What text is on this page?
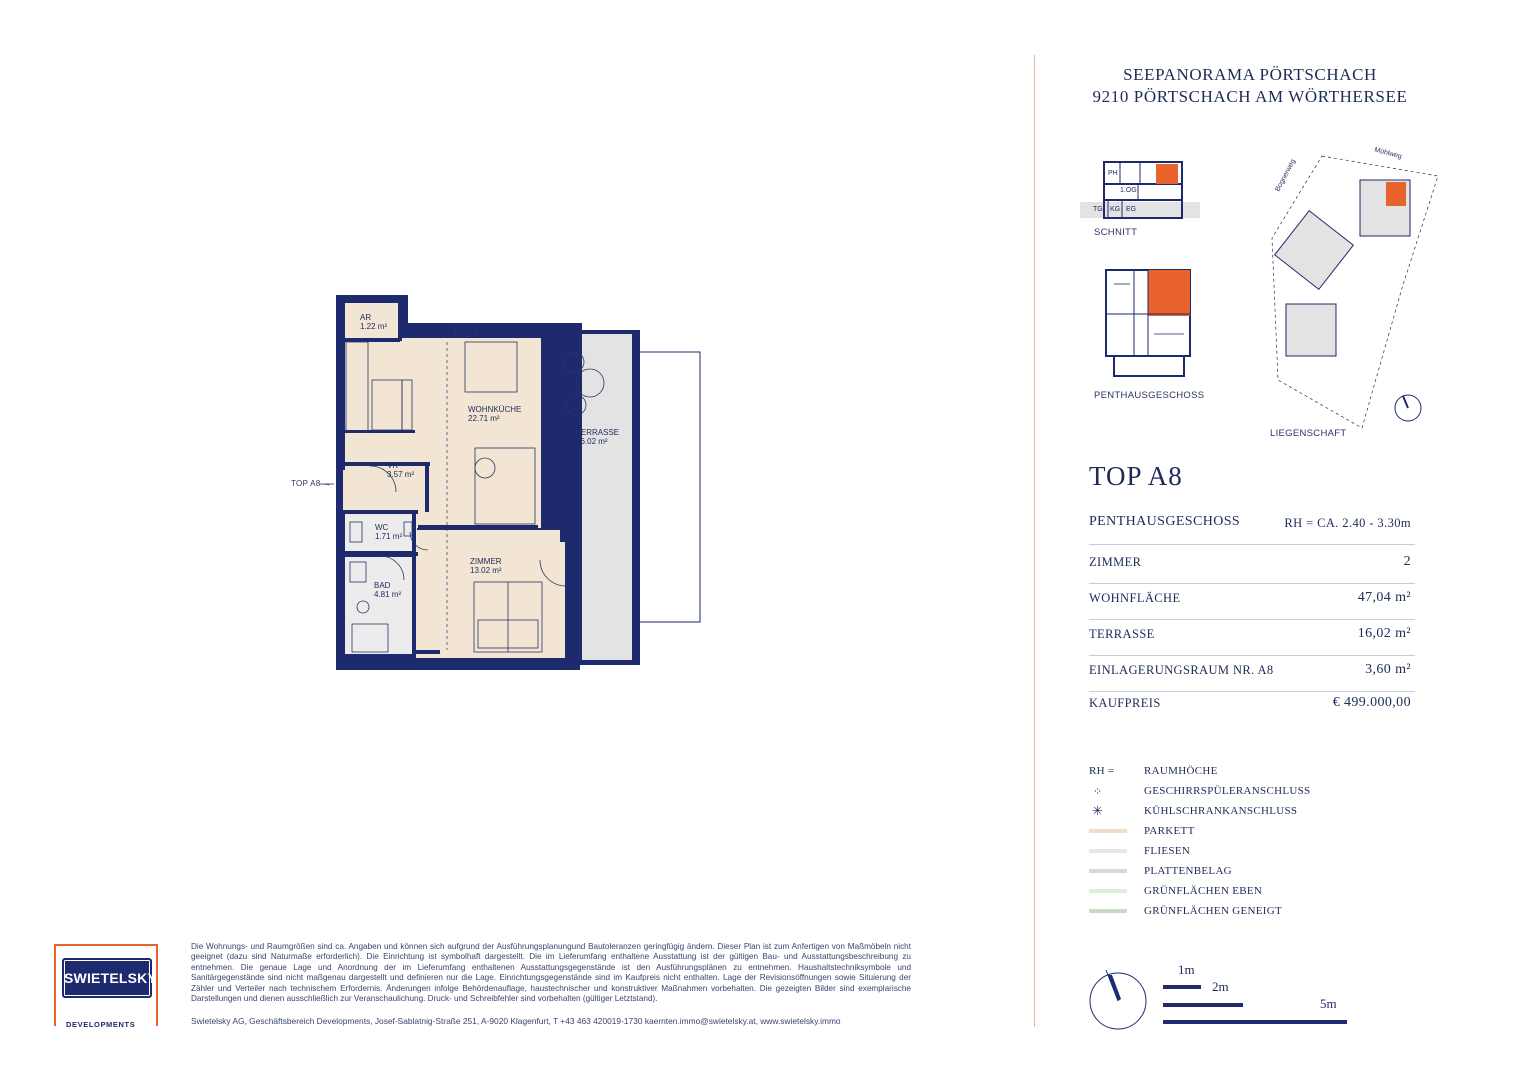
TOP A8 →
AR
1.22 m²
WOHNKÜCHE
22.71 m²
TERRASSE
16.02 m²
VR
3.57 m²
WC
1.71 m²
ZIMMER
13.02 m²
BAD
4.81 m²
SEEPANORAMA PÖRTSCHACH
9210 PÖRTSCHACH AM WÖRTHERSEE
PH
1.OG
TG KG EG
SCHNITT
PENTHAUSGESCHOSS
Mühlweg
Bognerweg
LIEGENSCHAFT
TOP A8
PENTHAUSGESCHOSS	RH = CA. 2.40 - 3.30m
ZIMMER	2
WOHNFLÄCHE	47,04 m²
TERRASSE	16,02 m²
EINLAGERUNGSRAUM NR. A8	3,60 m²
KAUFPREIS	€ 499.000,00
RH =	RAUMHÖCHE
⁘	GESCHIRRSPÜLERANSCHLUSS
✳	KÜHLSCHRANKANSCHLUSS
PARKETT
FLIESEN
PLATTENBELAG
GRÜNFLÄCHEN EBEN
GRÜNFLÄCHEN GENEIGT
1m
2m
5m
SWIETELSKY
DEVELOPMENTS
Die Wohnungs- und Raumgrößen sind ca. Angaben und können sich aufgrund der Ausführungsplanungund Bautoleranzen geringfügig ändern. Dieser Plan ist zum Anfertigen von Maßmöbeln nicht geeignet (dazu sind Naturmaße erforderlich). Die Einrichtung ist symbolhaft dargestellt. Die im Lieferumfang enthaltene Ausstattung ist der gültigen Bau- und Ausstattungsbeschreibung zu entnehmen. Die genaue Lage und Anordnung der im Lieferumfang enthaltenen Ausstattungsgegenstände ist den Ausführungsplänen zu entnehmen. Haushaltstechniksymbole und Sanitärgegenstände sind nicht maßgenau dargestellt und definieren nur die Lage. Einrichtungsgegenstände sind im Kaufpreis nicht enthalten. Lage der Revisionsöffnungen sowie Situierung der Zähler und Verteiler nach technischem Erfordernis. Änderungen infolge Behördenauflage, haustechnischer und konstruktiver Maßnahmen vorbehalten. Die gezeigten Bilder sind exemplarische Darstellungen und dienen ausschließlich zur Veranschaulichung. Druck- und Schreibfehler sind vorbehalten (gültiger Letztstand).
Swietelsky AG, Geschäftsbereich Developments, Josef-Sablatnig-Straße 251, A-9020 Klagenfurt, T +43 463 420019-1730 kaernten.immo@swietelsky.at, www.swietelsky.immo
